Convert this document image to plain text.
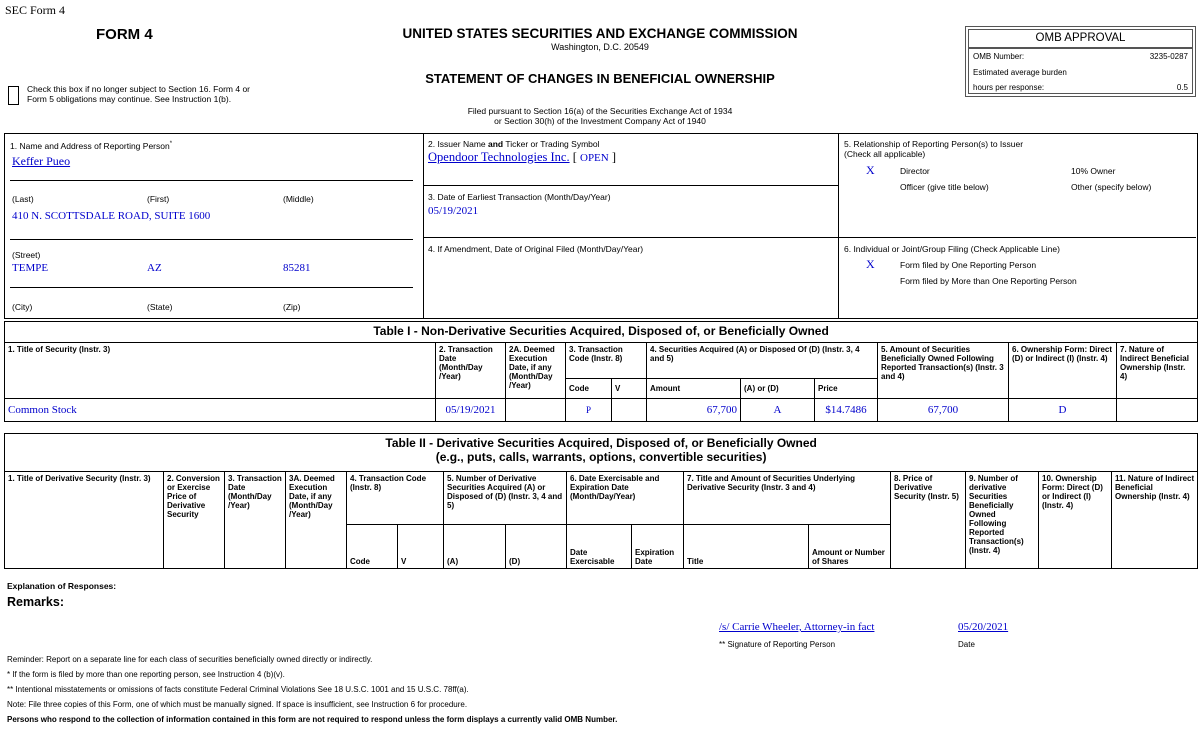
SEC Form 4
FORM 4
Check this box if no longer subject to Section 16. Form 4 or Form 5 obligations may continue. See Instruction 1(b).
UNITED STATES SECURITIES AND EXCHANGE COMMISSION
Washington, D.C. 20549
STATEMENT OF CHANGES IN BENEFICIAL OWNERSHIP
Filed pursuant to Section 16(a) of the Securities Exchange Act of 1934
or Section 30(h) of the Investment Company Act of 1940
OMB APPROVAL
OMB Number:	3235-0287
Estimated average burden
hours per response:	0.5
1. Name and Address of Reporting Person*
Keffer Pueo
(Last)	(First)	(Middle)
410 N. SCOTTSDALE ROAD, SUITE 1600
(Street)
TEMPE	AZ	85281
(City)	(State)	(Zip)
2. Issuer Name and Ticker or Trading Symbol
Opendoor Technologies Inc. [ OPEN ]
3. Date of Earliest Transaction (Month/Day/Year)
05/19/2021
4. If Amendment, Date of Original Filed (Month/Day/Year)
5. Relationship of Reporting Person(s) to Issuer
(Check all applicable)
X	Director	10% Owner
Officer (give title below)	Other (specify below)
6. Individual or Joint/Group Filing (Check Applicable Line)
X	Form filed by One Reporting Person
Form filed by More than One Reporting Person
Table I - Non-Derivative Securities Acquired, Disposed of, or Beneficially Owned										
1. Title of Security (Instr. 3)	2. Transaction Date (Month/Day /Year)	2A. Deemed Execution Date, if any (Month/Day /Year)	3. Transaction Code (Instr. 8)		4. Securities Acquired (A) or Disposed Of (D) (Instr. 3, 4 and 5)			5. Amount of Securities Beneficially Owned Following Reported Transaction(s) (Instr. 3 and 4)	6. Ownership Form: Direct (D) or Indirect (I) (Instr. 4)	7. Nature of Indirect Beneficial Ownership (Instr. 4)
			Code	V	Amount	(A) or (D)	Price			
Common Stock	05/19/2021		P		67,700	A	$14.7486	67,700	D	
Table II - Derivative Securities Acquired, Disposed of, or Beneficially Owned
(e.g., puts, calls, warrants, options, convertible securities)															

1. Title of Derivative Security (Instr. 3)	2. Conversion or Exercise Price of Derivative Security	3. Transaction Date (Month/Day /Year)	3A. Deemed Execution Date, if any (Month/Day /Year)	4. Transaction Code (Instr. 8)		5. Number of Derivative Securities Acquired (A) or Disposed of (D) (Instr. 3, 4 and 5)		6. Date Exercisable and Expiration Date (Month/Day/Year)		7. Title and Amount of Securities Underlying Derivative Security (Instr. 3 and 4)		8. Price of Derivative Security (Instr. 5)	9. Number of derivative Securities Beneficially Owned Following Reported Transaction(s) (Instr. 4)	10. Ownership Form: Direct (D) or Indirect (I) (Instr. 4)	11. Nature of Indirect Beneficial Ownership (Instr. 4)
				Code	V	(A)	(D)	Date Exercisable	Expiration Date	Title	Amount or Number of Shares				
Explanation of Responses:
Remarks:
/s/ Carrie Wheeler, Attorney-in fact	05/20/2021
** Signature of Reporting Person	Date
Reminder: Report on a separate line for each class of securities beneficially owned directly or indirectly.
* If the form is filed by more than one reporting person, see Instruction 4 (b)(v).
** Intentional misstatements or omissions of facts constitute Federal Criminal Violations See 18 U.S.C. 1001 and 15 U.S.C. 78ff(a).
Note: File three copies of this Form, one of which must be manually signed. If space is insufficient, see Instruction 6 for procedure.
Persons who respond to the collection of information contained in this form are not required to respond unless the form displays a currently valid OMB Number.
